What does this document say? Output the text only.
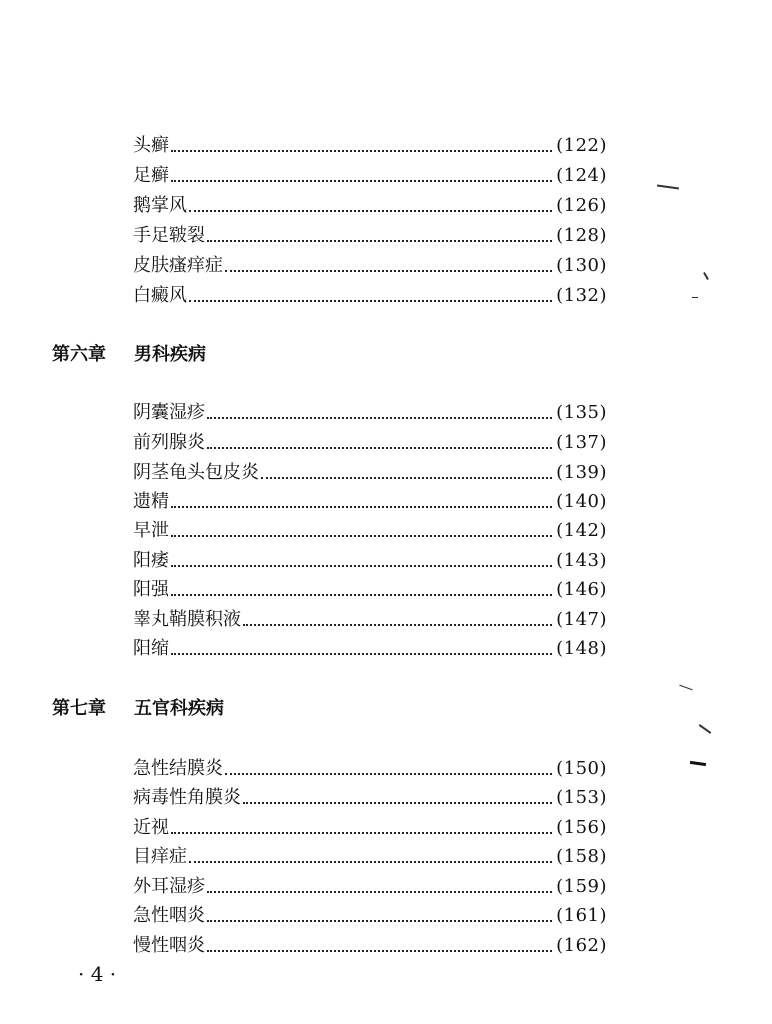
头癣	(122)
足癣	(124)
鹅掌风	(126)
手足皲裂	(128)
皮肤瘙痒症	(130)
白癜风	(132)
第六章 男科疾病
阴囊湿疹	(135)
前列腺炎	(137)
阴茎龟头包皮炎	(139)
遗精	(140)
早泄	(142)
阳痿	(143)
阳强	(146)
睾丸鞘膜积液	(147)
阳缩	(148)
第七章 五官科疾病
急性结膜炎	(150)
病毒性角膜炎	(153)
近视	(156)
目痒症	(158)
外耳湿疹	(159)
急性咽炎	(161)
慢性咽炎	(162)
· 4 ·
